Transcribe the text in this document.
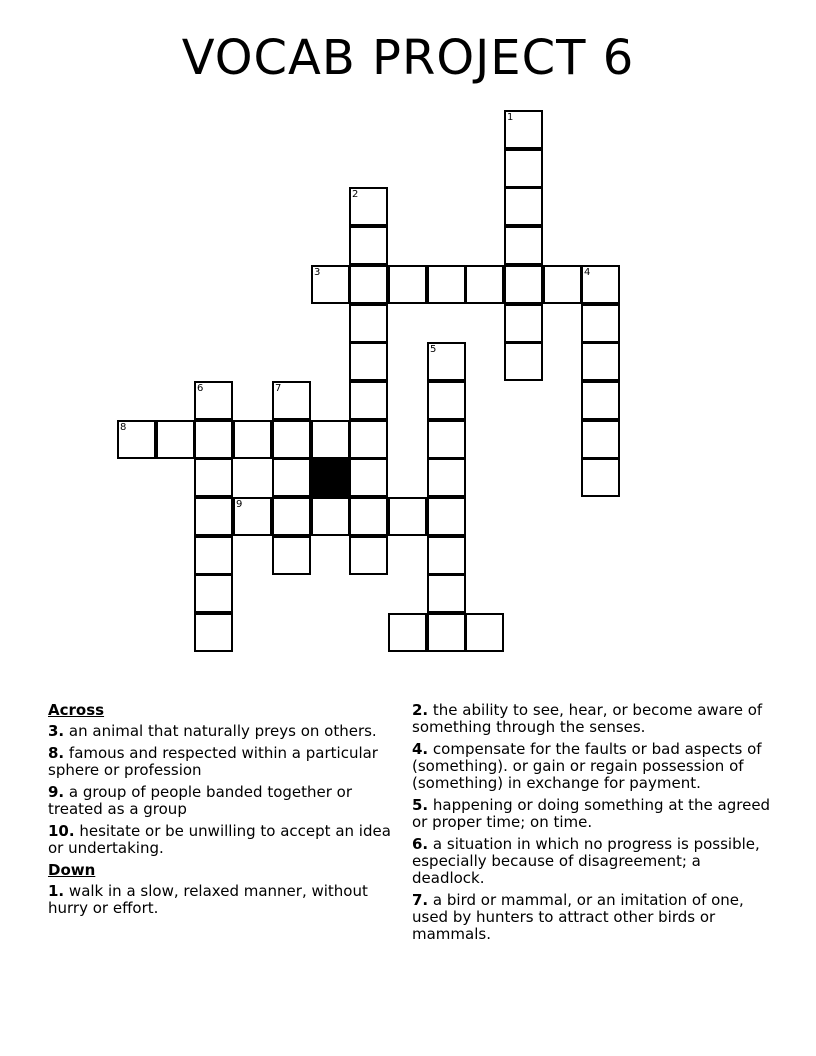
VOCAB PROJECT 6
1
2
3	4
5
6	7
8
9
Across
3. an animal that naturally preys on others.
8. famous and respected within a particular sphere or profession
9. a group of people banded together or treated as a group
10. hesitate or be unwilling to accept an idea or undertaking.
Down
1. walk in a slow, relaxed manner, without hurry or effort.
2. the ability to see, hear, or become aware of something through the senses.
4. compensate for the faults or bad aspects of (something). or gain or regain possession of (something) in exchange for payment.
5. happening or doing something at the agreed or proper time; on time.
6. a situation in which no progress is possible, especially because of disagreement; a deadlock.
7. a bird or mammal, or an imitation of one, used by hunters to attract other birds or mammals.
